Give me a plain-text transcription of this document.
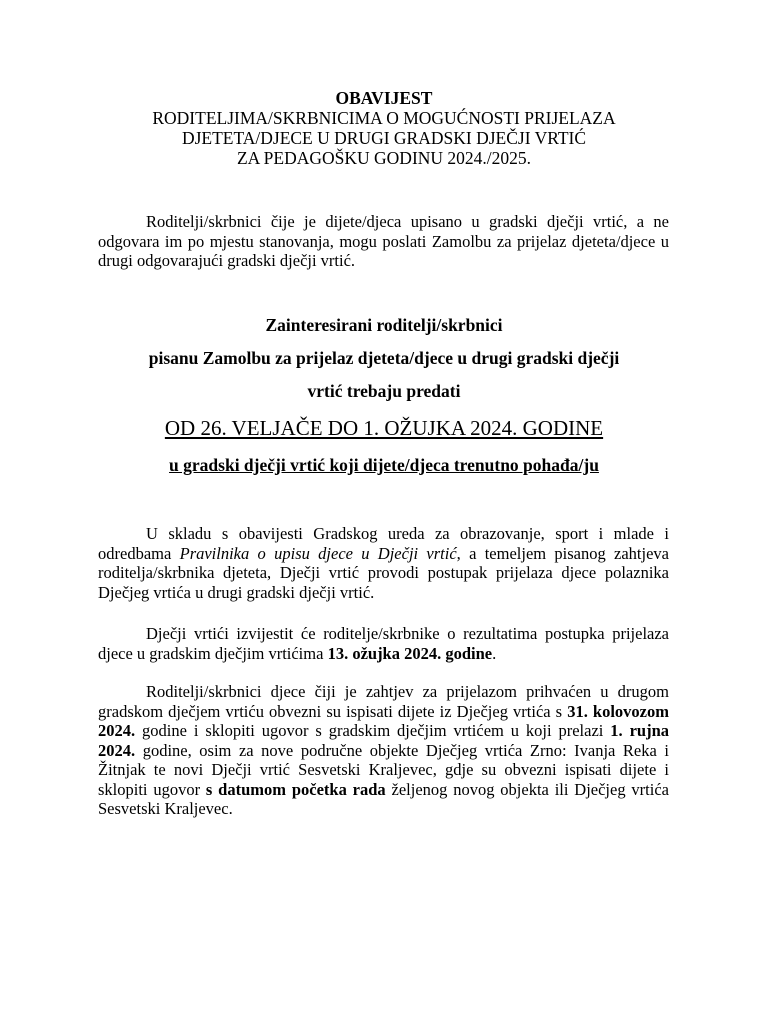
OBAVIJEST
RODITELJIMA/SKRBNICIMA O MOGUĆNOSTI PRIJELAZA
DJETETA/DJECE U DRUGI GRADSKI DJEČJI VRTIĆ
ZA PEDAGOŠKU GODINU 2024./2025.
Roditelji/skrbnici čije je dijete/djeca upisano u gradski dječji vrtić, a ne odgovara im po mjestu stanovanja, mogu poslati Zamolbu za prijelaz djeteta/djece u drugi odgovarajući gradski dječji vrtić.
Zainteresirani roditelji/skrbnici
pisanu Zamolbu za prijelaz djeteta/djece u drugi gradski dječji
vrtić trebaju predati
OD 26. VELJAČE DO 1. OŽUJKA 2024. GODINE
u gradski dječji vrtić koji dijete/djeca trenutno pohađa/ju
U skladu s obavijesti Gradskog ureda za obrazovanje, sport i mlade i odredbama Pravilnika o upisu djece u Dječji vrtić, a temeljem pisanog zahtjeva roditelja/skrbnika djeteta, Dječji vrtić provodi postupak prijelaza djece polaznika Dječjeg vrtića u drugi gradski dječji vrtić.
Dječji vrtići izvijestit će roditelje/skrbnike o rezultatima postupka prijelaza djece u gradskim dječjim vrtićima 13. ožujka 2024. godine.
Roditelji/skrbnici djece čiji je zahtjev za prijelazom prihvaćen u drugom gradskom dječjem vrtiću obvezni su ispisati dijete iz Dječjeg vrtića s 31. kolovozom 2024. godine i sklopiti ugovor s gradskim dječjim vrtićem u koji prelazi 1. rujna 2024. godine, osim za nove područne objekte Dječjeg vrtića Zrno: Ivanja Reka i Žitnjak te novi Dječji vrtić Sesvetski Kraljevec, gdje su obvezni ispisati dijete i sklopiti ugovor s datumom početka rada željenog novog objekta ili Dječjeg vrtića Sesvetski Kraljevec.
